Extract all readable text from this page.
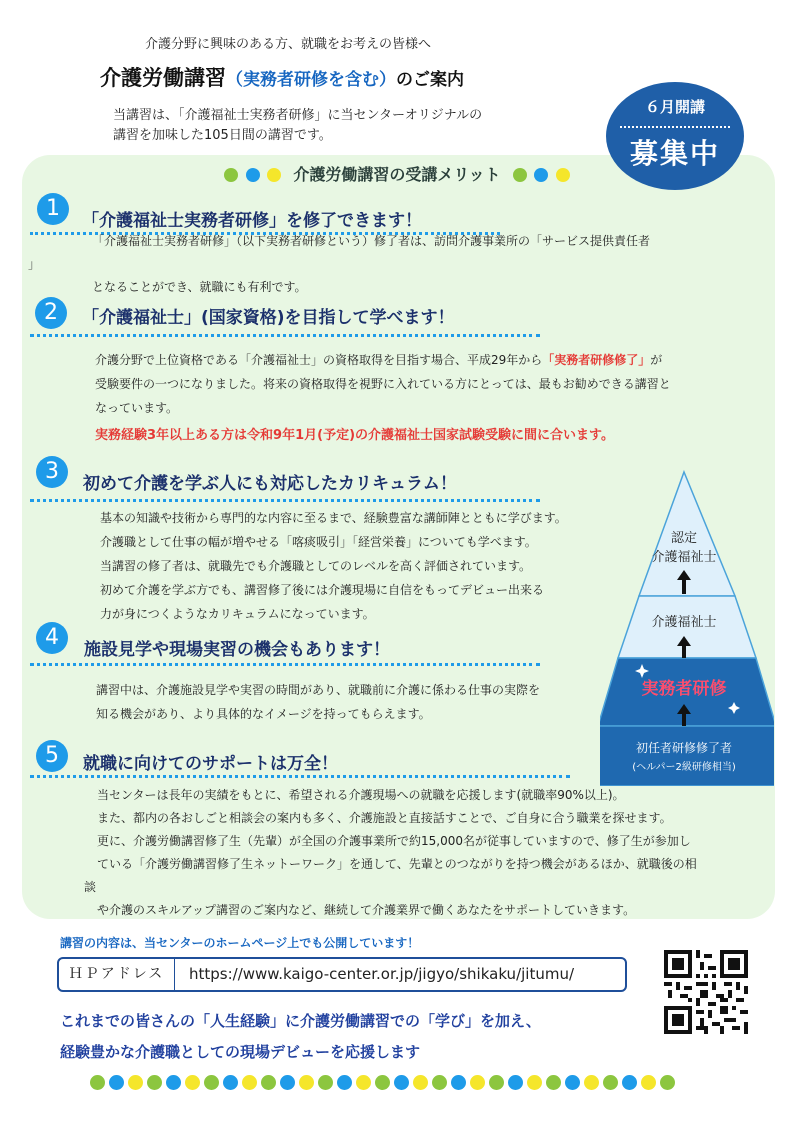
介護分野に興味のある方、就職をお考えの皆様へ
介護労働講習（実務者研修を含む）のご案内
当講習は、「介護福祉士実務者研修」に当センターオリジナルの
講習を加味した105日間の講習です。
６月開講
募集中
介護労働講習の受講メリット
1	「介護福祉士実務者研修」を修了できます！
「介護福祉士実務者研修」（以下実務者研修という）修了者は、訪問介護事業所の「サービス提供責任者
」
となることができ、就職にも有利です。
2	「介護福祉士」(国家資格)を目指して学べます！
介護分野で上位資格である「介護福祉士」の資格取得を目指す場合、平成29年から「実務者研修修了」が
受験要件の一つになりました。将来の資格取得を視野に入れている方にとっては、最もお勧めできる講習と
なっています。
実務経験3年以上ある方は令和9年1月(予定)の介護福祉士国家試験受験に間に合います。
3	初めて介護を学ぶ人にも対応したカリキュラム！
基本の知識や技術から専門的な内容に至るまで、経験豊富な講師陣とともに学びます。
介護職として仕事の幅が増やせる「喀痰吸引」「経営栄養」についても学べます。
当講習の修了者は、就職先でも介護職としてのレベルを高く評価されています。
初めて介護を学ぶ方でも、講習修了後には介護現場に自信をもってデビュー出来る
力が身につくようなカリキュラムになっています。
4	施設見学や現場実習の機会もあります！
講習中は、介護施設見学や実習の時間があり、就職前に介護に係わる仕事の実際を
知る機会があり、より具体的なイメージを持ってもらえます。
5	就職に向けてのサポートは万全！
当センターは長年の実績をもとに、希望される介護現場への就職を応援します(就職率90%以上)。
また、都内の各おしごと相談会の案内も多く、介護施設と直接話すことで、ご自身に合う職業を探せます。
更に、介護労働講習修了生（先輩）が全国の介護事業所で約15,000名が従事していますので、修了生が参加し
ている「介護労働講習修了生ネットーワーク」を通して、先輩とのつながりを持つ機会があるほか、就職後の相
談
や介護のスキルアップ講習のご案内など、継続して介護業界で働くあなたをサポートしていきます。
認定
介護福祉士
介護福祉士
実務者研修
初任者研修修了者
(ヘルパー2級研修相当)
講習の内容は、当センターのホームページ上でも公開しています！
ＨＰアドレス	https://www.kaigo-center.or.jp/jigyo/shikaku/jitumu/
これまでの皆さんの「人生経験」に介護労働講習での「学び」を加え、
経験豊かな介護職としての現場デビューを応援します
